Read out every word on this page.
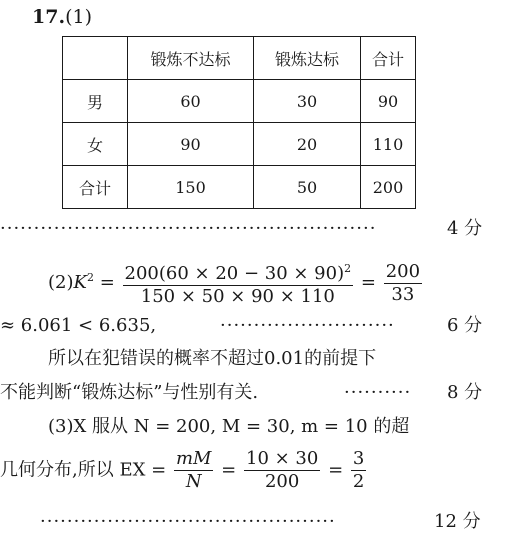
17.(1)
	锻炼不达标	锻炼达标	合计
男	60	30	90
女	90	20	110
合计	150	50	200
························································	4 分
$(2)K^2 = \frac{200(60 \times 20 - 30 \times 90)^2}{150 \times 50 \times 90 \times 110} = \frac{200}{33}$
≈ 6.061 < 6.635,	··························	6 分
所以在犯错误的概率不超过0.01的前提下
不能判断“锻炼达标”与性别有关.	··········	8 分
(3)X 服从 N = 200, M = 30, m = 10 的超
几何分布,所以 EX = $\frac{mM}{N} = \frac{10 \times 30}{200} = \frac{3}{2}$
············································	12 分
